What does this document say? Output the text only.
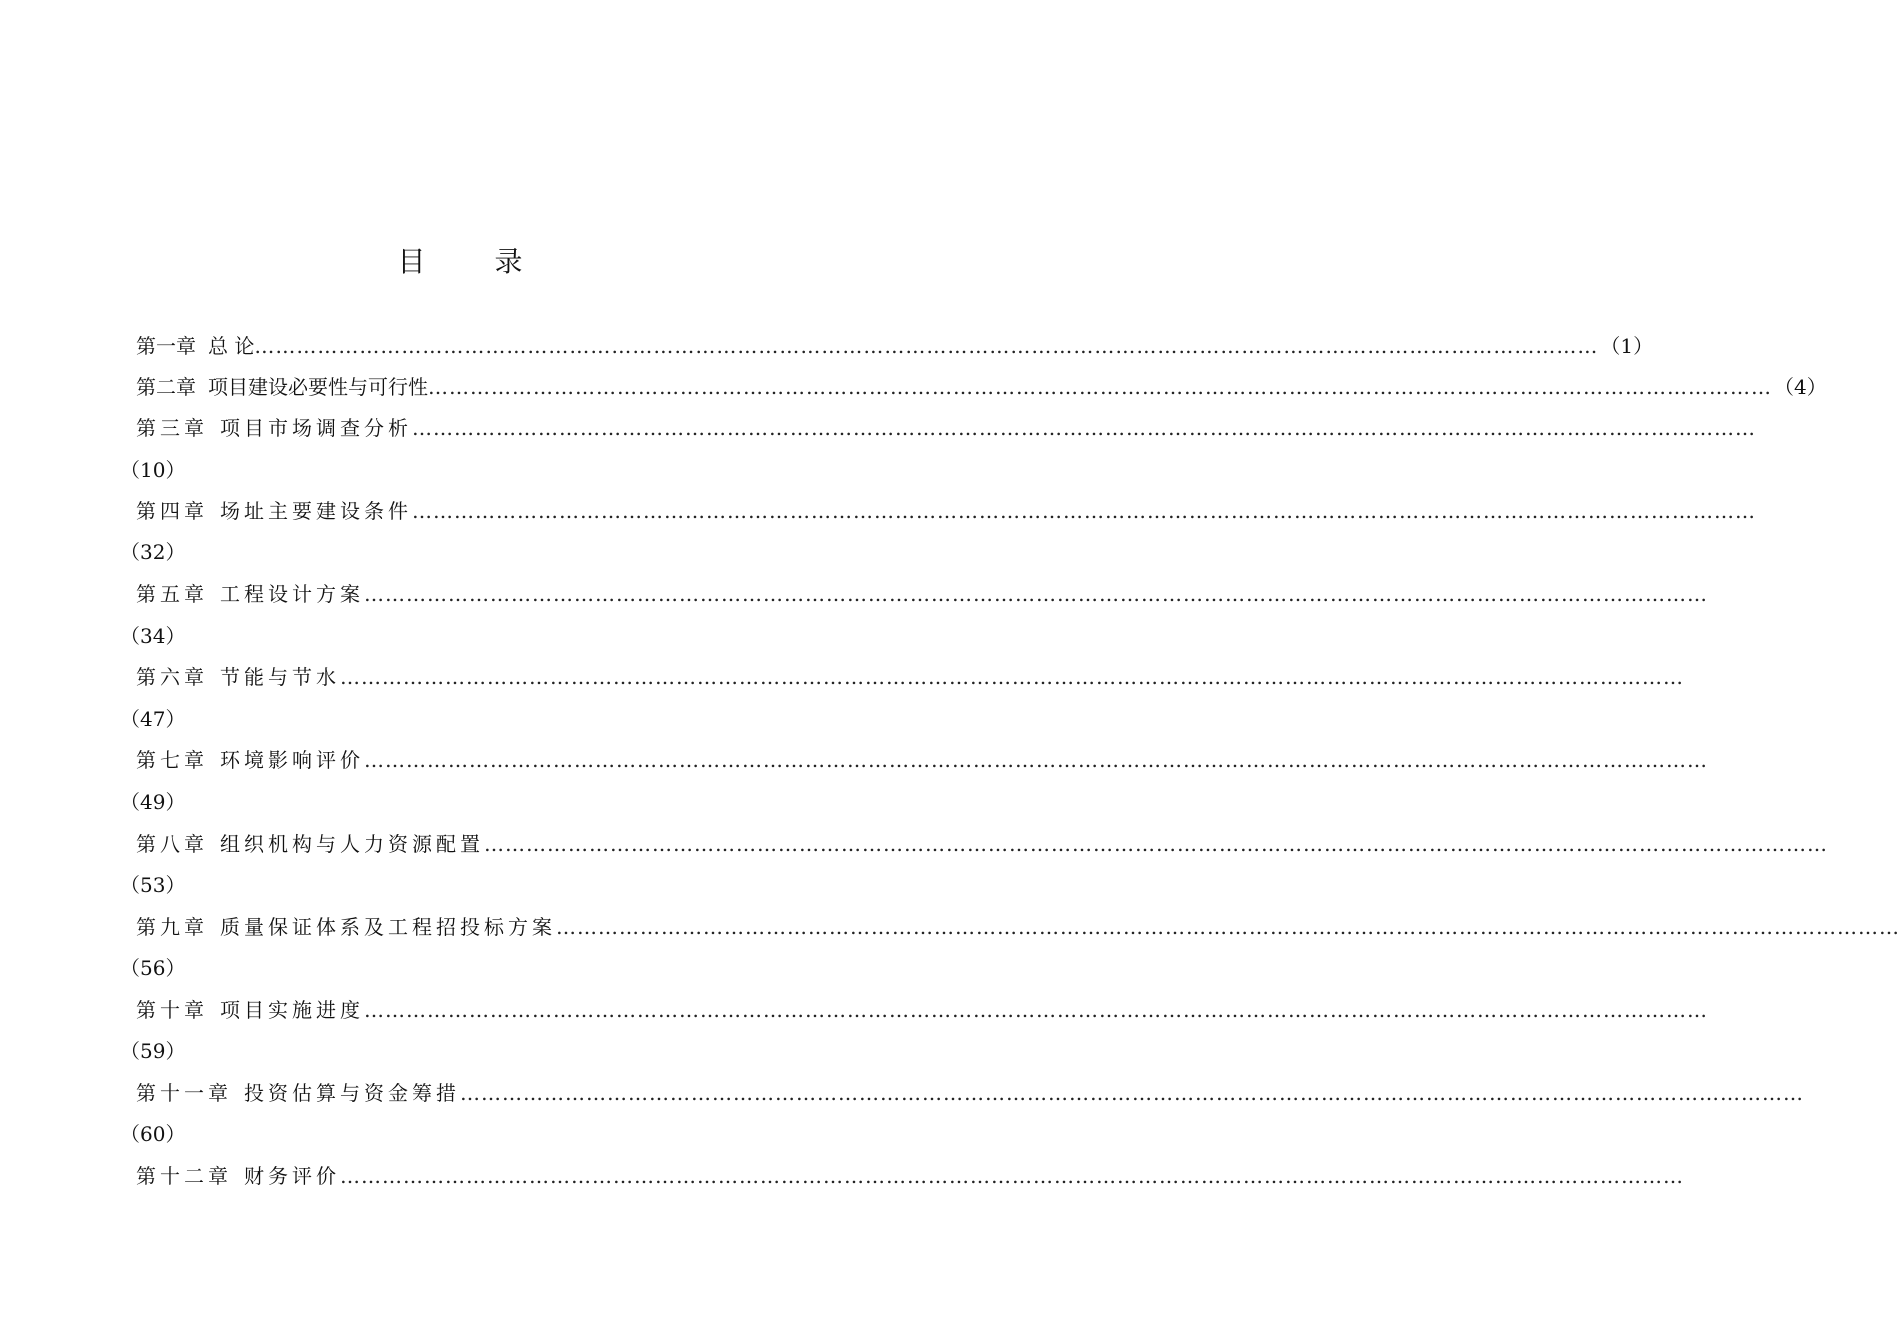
目 录
第一章 总 论 ………………………………………………………………………………………………………………………………………………………………………… （1）
第二章 项目建设必要性与可行性 ………………………………………………………………………………………………………………………………………………………………………… （4）
第三章 项目市场调查分析 …………………………………………………………………………………………………………………………………………………………………………
（10）
第四章 场址主要建设条件 …………………………………………………………………………………………………………………………………………………………………………
（32）
第五章 工程设计方案 …………………………………………………………………………………………………………………………………………………………………………
（34）
第六章 节能与节水 …………………………………………………………………………………………………………………………………………………………………………
（47）
第七章 环境影响评价 …………………………………………………………………………………………………………………………………………………………………………
（49）
第八章 组织机构与人力资源配置 …………………………………………………………………………………………………………………………………………………………………………
（53）
第九章 质量保证体系及工程招投标方案 …………………………………………………………………………………………………………………………………………………………………………
（56）
第十章 项目实施进度 …………………………………………………………………………………………………………………………………………………………………………
（59）
第十一章 投资估算与资金筹措 …………………………………………………………………………………………………………………………………………………………………………
（60）
第十二章 财务评价 …………………………………………………………………………………………………………………………………………………………………………
